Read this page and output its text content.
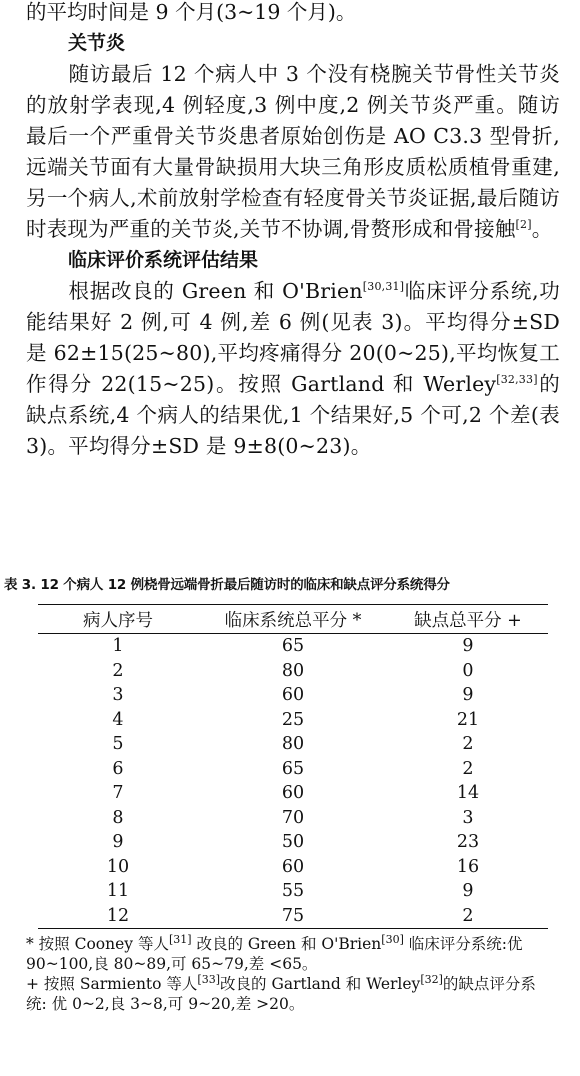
的平均时间是 9 个月(3~19 个月)。

关节炎

随访最后 12 个病人中 3 个没有桡腕关节骨性关节炎的放射学表现,4 例轻度,3 例中度,2 例关节炎严重。随访最后一个严重骨关节炎患者原始创伤是 AO C3.3 型骨折,远端关节面有大量骨缺损用大块三角形皮质松质植骨重建,另一个病人,术前放射学检查有轻度骨关节炎证据,最后随访时表现为严重的关节炎,关节不协调,骨赘形成和骨接触[2]。

临床评价系统评估结果

根据改良的 Green 和 O'Brien[30,31]临床评分系统,功能结果好 2 例,可 4 例,差 6 例(见表 3)。平均得分±SD 是 62±15(25~80),平均疼痛得分 20(0~25),平均恢复工作得分 22(15~25)。按照 Gartland 和 Werley[32,33]的缺点系统,4 个病人的结果优,1 个结果好,5 个可,2 个差(表 3)。平均得分±SD 是 9±8(0~23)。

表 3. 12 个病人 12 例桡骨远端骨折最后随访时的临床和缺点评分系统得分
病人序号	临床系统总平分 *	缺点总平分 +
1	65	9
2	80	0
3	60	9
4	25	21
5	80	2
6	65	2
7	60	14
8	70	3
9	50	23
10	60	16
11	55	9
12	75	2

* 按照 Cooney 等人[31] 改良的 Green 和 O'Brien[30] 临床评分系统:优 90~100,良 80~89,可 65~79,差 <65。

+ 按照 Sarmiento 等人[33]改良的 Gartland 和 Werley[32]的缺点评分系统: 优 0~2,良 3~8,可 9~20,差 >20。
